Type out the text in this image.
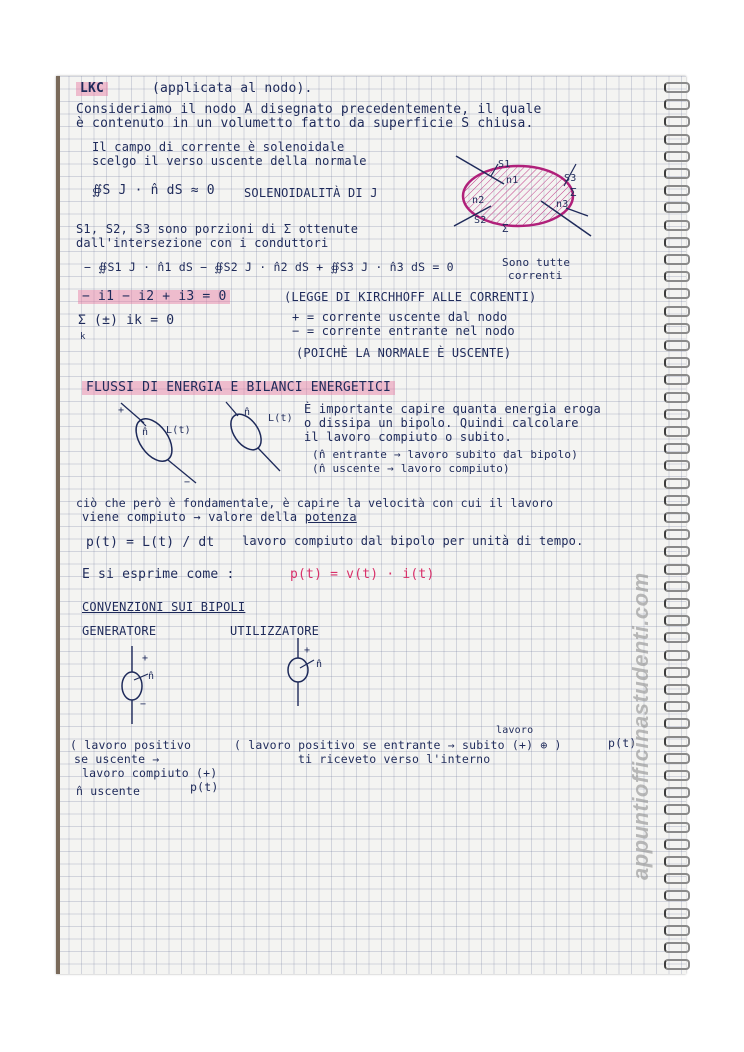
LKC	(applicata al nodo).
Consideriamo il nodo A disegnato precedentemente, il quale
è contenuto in un volumetto fatto da superficie S chiusa.
Il campo di corrente è solenoidale
scelgo il verso uscente della normale
∯S J · n̂ dS ≈ 0 SOLENOIDALITÀ DI J
S1
n1	S3
n3
n2
S2
Σ
Σ
S1, S2, S3 sono porzioni di Σ ottenute
dall'intersezione con i conduttori
− ∯S1 J · n̂1 dS − ∯S2 J · n̂2 dS + ∯S3 J · n̂3 dS = 0	Sono tutte
correnti
− i1 − i2 + i3 = 0	(LEGGE DI KIRCHHOFF ALLE CORRENTI)
Σ (±) ik = 0
k
+ = corrente uscente dal nodo
− = corrente entrante nel nodo
(POICHÈ LA NORMALE È USCENTE)
FLUSSI DI ENERGIA E BILANCI ENERGETICI
+
n̂ L(t)
−
n̂
L(t)
È importante capire quanta energia eroga
o dissipa un bipolo. Quindi calcolare
il lavoro compiuto o subito.
(n̂ entrante → lavoro subito dal bipolo)
(n̂ uscente → lavoro compiuto)
ciò che però è fondamentale, è capire la velocità con cui il lavoro
viene compiuto → valore della potenza
p(t) = L(t) / dt lavoro compiuto dal bipolo per unità di tempo.
E si esprime come :	p(t) = v(t) · i(t)
CONVENZIONI SUI BIPOLI
GENERATORE	UTILIZZATORE
+
n̂
−
+
n̂
lavoro
( lavoro positivo	( lavoro positivo se entrante → subito (+) ⊕ )	p(t)
se uscente →	ti riceveto verso l'interno
lavoro compiuto (+)
n̂ uscente	p(t)	appuntiofficinastudenti.com
